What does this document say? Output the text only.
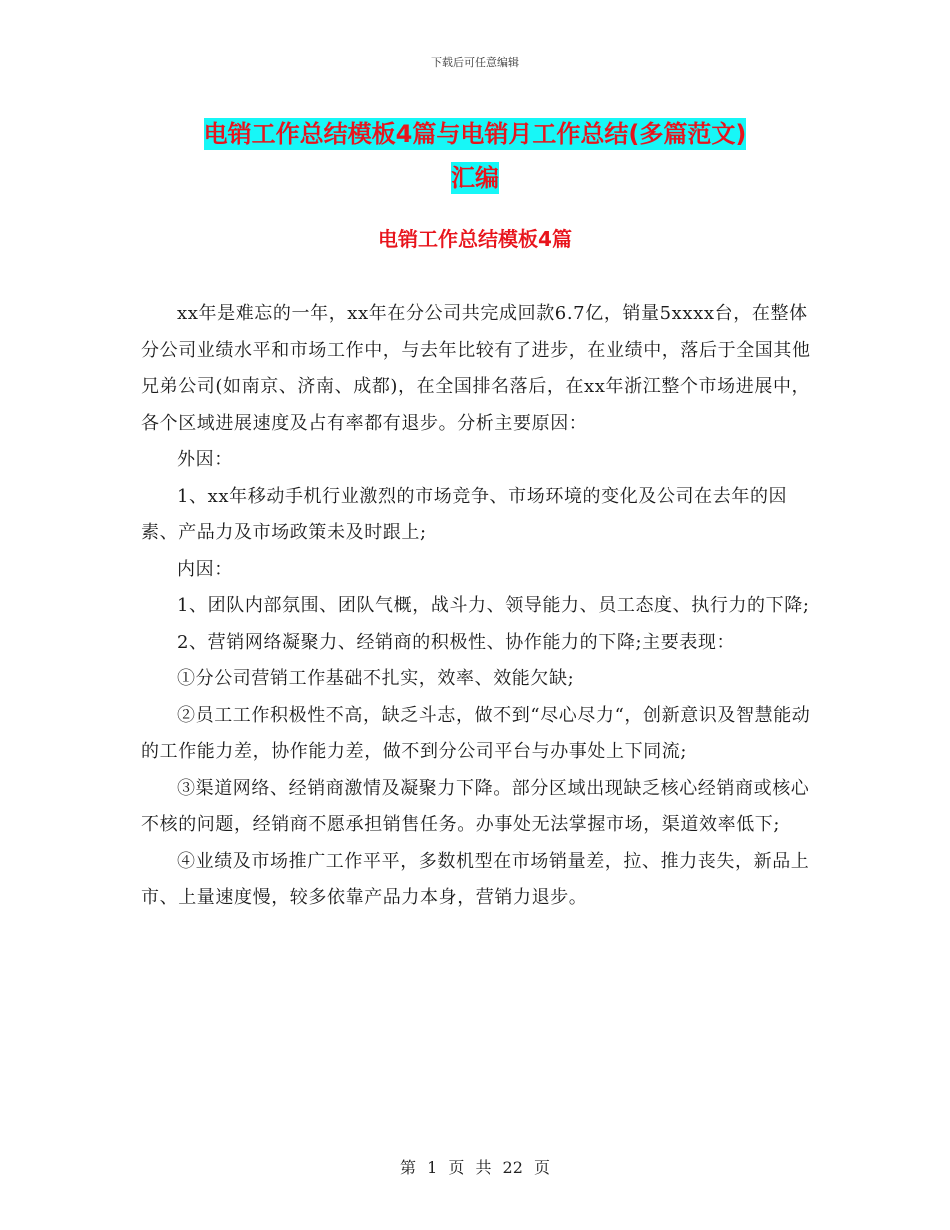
下载后可任意编辑
电销工作总结模板4篇与电销月工作总结(多篇范文)
汇编
电销工作总结模板4篇

xx年是难忘的一年，xx年在分公司共完成回款6.7亿，销量5xxxx台，在整体分公司业绩水平和市场工作中，与去年比较有了进步，在业绩中，落后于全国其他兄弟公司(如南京、济南、成都)，在全国排名落后，在xx年浙江整个市场进展中，各个区域进展速度及占有率都有退步。分析主要原因：

外因：

1、xx年移动手机行业激烈的市场竞争、市场环境的变化及公司在去年的因素、产品力及市场政策未及时跟上;

内因：

1、团队内部氛围、团队气概，战斗力、领导能力、员工态度、执行力的下降;

2、营销网络凝聚力、经销商的积极性、协作能力的下降;主要表现：

①分公司营销工作基础不扎实，效率、效能欠缺;

②员工工作积极性不高，缺乏斗志，做不到“尽心尽力“，创新意识及智慧能动的工作能力差，协作能力差，做不到分公司平台与办事处上下同流;

③渠道网络、经销商激情及凝聚力下降。部分区域出现缺乏核心经销商或核心不核的问题，经销商不愿承担销售任务。办事处无法掌握市场，渠道效率低下;

④业绩及市场推广工作平平，多数机型在市场销量差，拉、推力丧失，新品上市、上量速度慢，较多依靠产品力本身，营销力退步。

第 1 页 共 22 页
